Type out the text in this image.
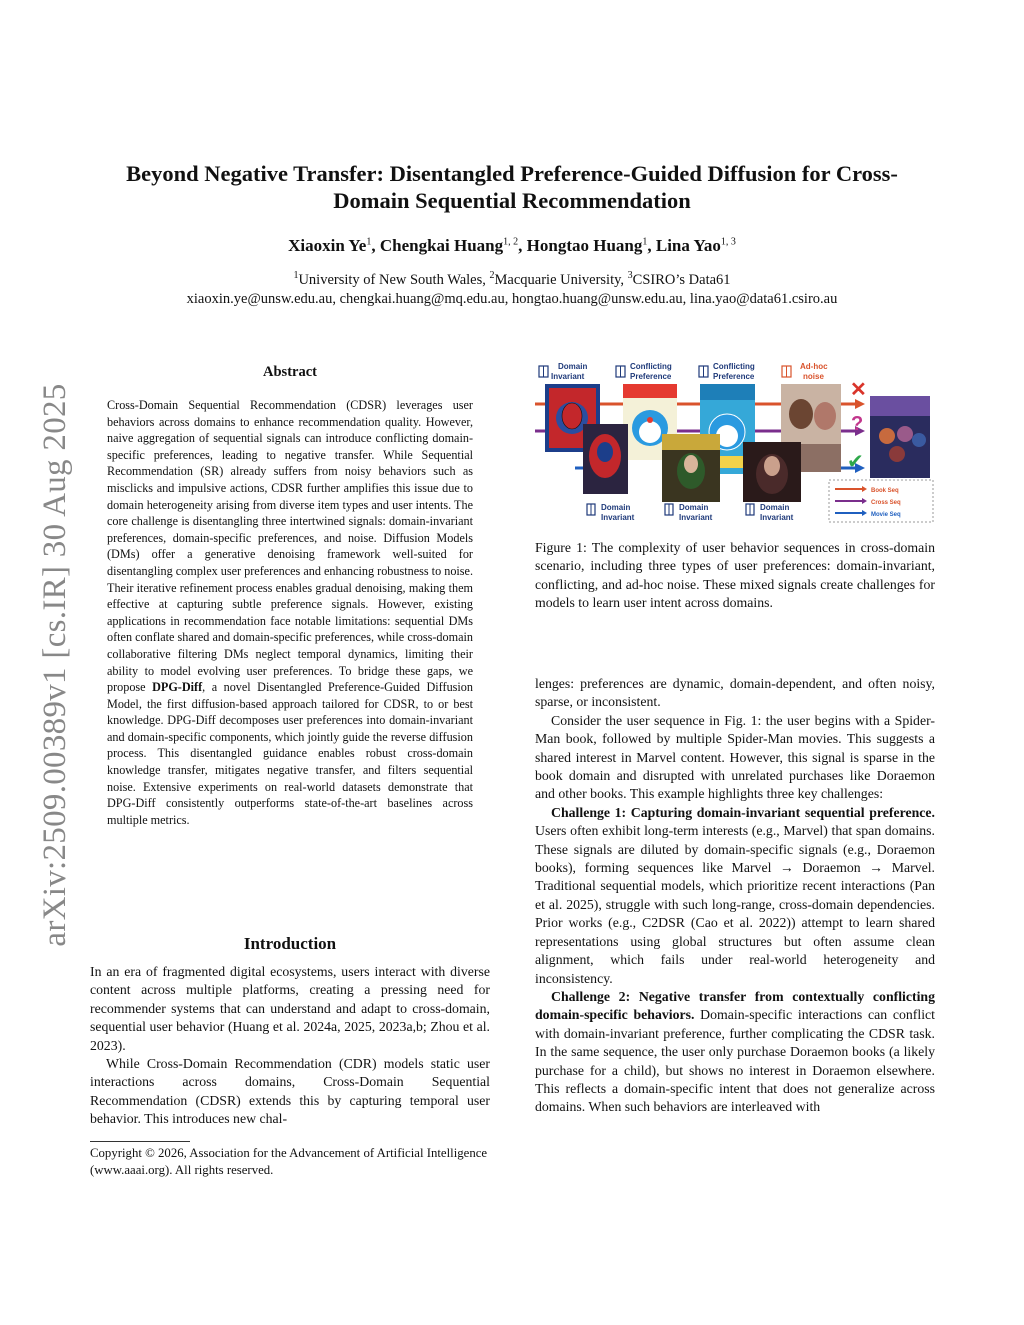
arXiv:2509.00389v1 [cs.IR] 30 Aug 2025
Beyond Negative Transfer: Disentangled Preference-Guided Diffusion for Cross-Domain Sequential Recommendation
Xiaoxin Ye$^1$, Chengkai Huang$^{1, 2}$, Hongtao Huang$^1$, Lina Yao$^{1, 3}$
$^1$University of New South Wales, $^2$Macquarie University, $^3$CSIRO’s Data61
xiaoxin.ye@unsw.edu.au, chengkai.huang@mq.edu.au, hongtao.huang@unsw.edu.au, lina.yao@data61.csiro.au
Abstract
Cross-Domain Sequential Recommendation (CDSR) leverages user behaviors across domains to enhance recommendation quality. However, naive aggregation of sequential signals can introduce conflicting domain-specific preferences, leading to negative transfer. While Sequential Recommendation (SR) already suffers from noisy behaviors such as misclicks and impulsive actions, CDSR further amplifies this issue due to domain heterogeneity arising from diverse item types and user intents. The core challenge is disentangling three intertwined signals: domain-invariant preferences, domain-specific preferences, and noise. Diffusion Models (DMs) offer a generative denoising framework well-suited for disentangling complex user preferences and enhancing robustness to noise. Their iterative refinement process enables gradual denoising, making them effective at capturing subtle preference signals. However, existing applications in recommendation face notable limitations: sequential DMs often conflate shared and domain-specific preferences, while cross-domain collaborative filtering DMs neglect temporal dynamics, limiting their ability to model evolving user preferences. To bridge these gaps, we propose DPG-Diff, a novel Disentangled Preference-Guided Diffusion Model, the first diffusion-based approach tailored for CDSR, to or best knowledge. DPG-Diff decomposes user preferences into domain-invariant and domain-specific components, which jointly guide the reverse diffusion process. This disentangled guidance enables robust cross-domain knowledge transfer, mitigates negative transfer, and filters sequential noise. Extensive experiments on real-world datasets demonstrate that DPG-Diff consistently outperforms state-of-the-art baselines across multiple metrics.
Introduction

In an era of fragmented digital ecosystems, users interact with diverse content across multiple platforms, creating a pressing need for recommender systems that can understand and adapt to cross-domain, sequential user behavior (Huang et al. 2024a, 2025, 2023a,b; Zhou et al. 2023).

While Cross-Domain Recommendation (CDR) models static user interactions across domains, Cross-Domain Sequential Recommendation (CDSR) extends this by capturing temporal user behavior. This introduces new chal-

Copyright © 2026, Association for the Advancement of Artificial Intelligence (www.aaai.org). All rights reserved.
Domain
Invariant
Conflicting
Preference
Conflicting
Preference
Ad-hoc
noise
✕
?
✔
Domain
Invariant
Domain
Invariant
Domain
Invariant
Book Seq
Cross Seq
Movie Seq

Figure 1: The complexity of user behavior sequences in cross-domain scenario, including three types of user preferences: domain-invariant, conflicting, and ad-hoc noise. These mixed signals create challenges for models to learn user intent across domains.

lenges: preferences are dynamic, domain-dependent, and often noisy, sparse, or inconsistent.

Consider the user sequence in Fig. 1: the user begins with a Spider-Man book, followed by multiple Spider-Man movies. This suggests a shared interest in Marvel content. However, this signal is sparse in the book domain and disrupted with unrelated purchases like Doraemon and other books. This example highlights three key challenges:

Challenge 1: Capturing domain-invariant sequential preference. Users often exhibit long-term interests (e.g., Marvel) that span domains. These signals are diluted by domain-specific signals (e.g., Doraemon books), forming sequences like Marvel → Doraemon → Marvel. Traditional sequential models, which prioritize recent interactions (Pan et al. 2025), struggle with such long-range, cross-domain dependencies. Prior works (e.g., C2DSR (Cao et al. 2022)) attempt to learn shared representations using global structures but often assume clean alignment, which fails under real-world heterogeneity and inconsistency.

Challenge 2: Negative transfer from contextually conflicting domain-specific behaviors. Domain-specific interactions can conflict with domain-invariant preference, further complicating the CDSR task. In the same sequence, the user only purchase Doraemon books (a likely purchase for a child), but shows no interest in Doraemon elsewhere. This reflects a domain-specific intent that does not generalize across domains. When such behaviors are interleaved with
